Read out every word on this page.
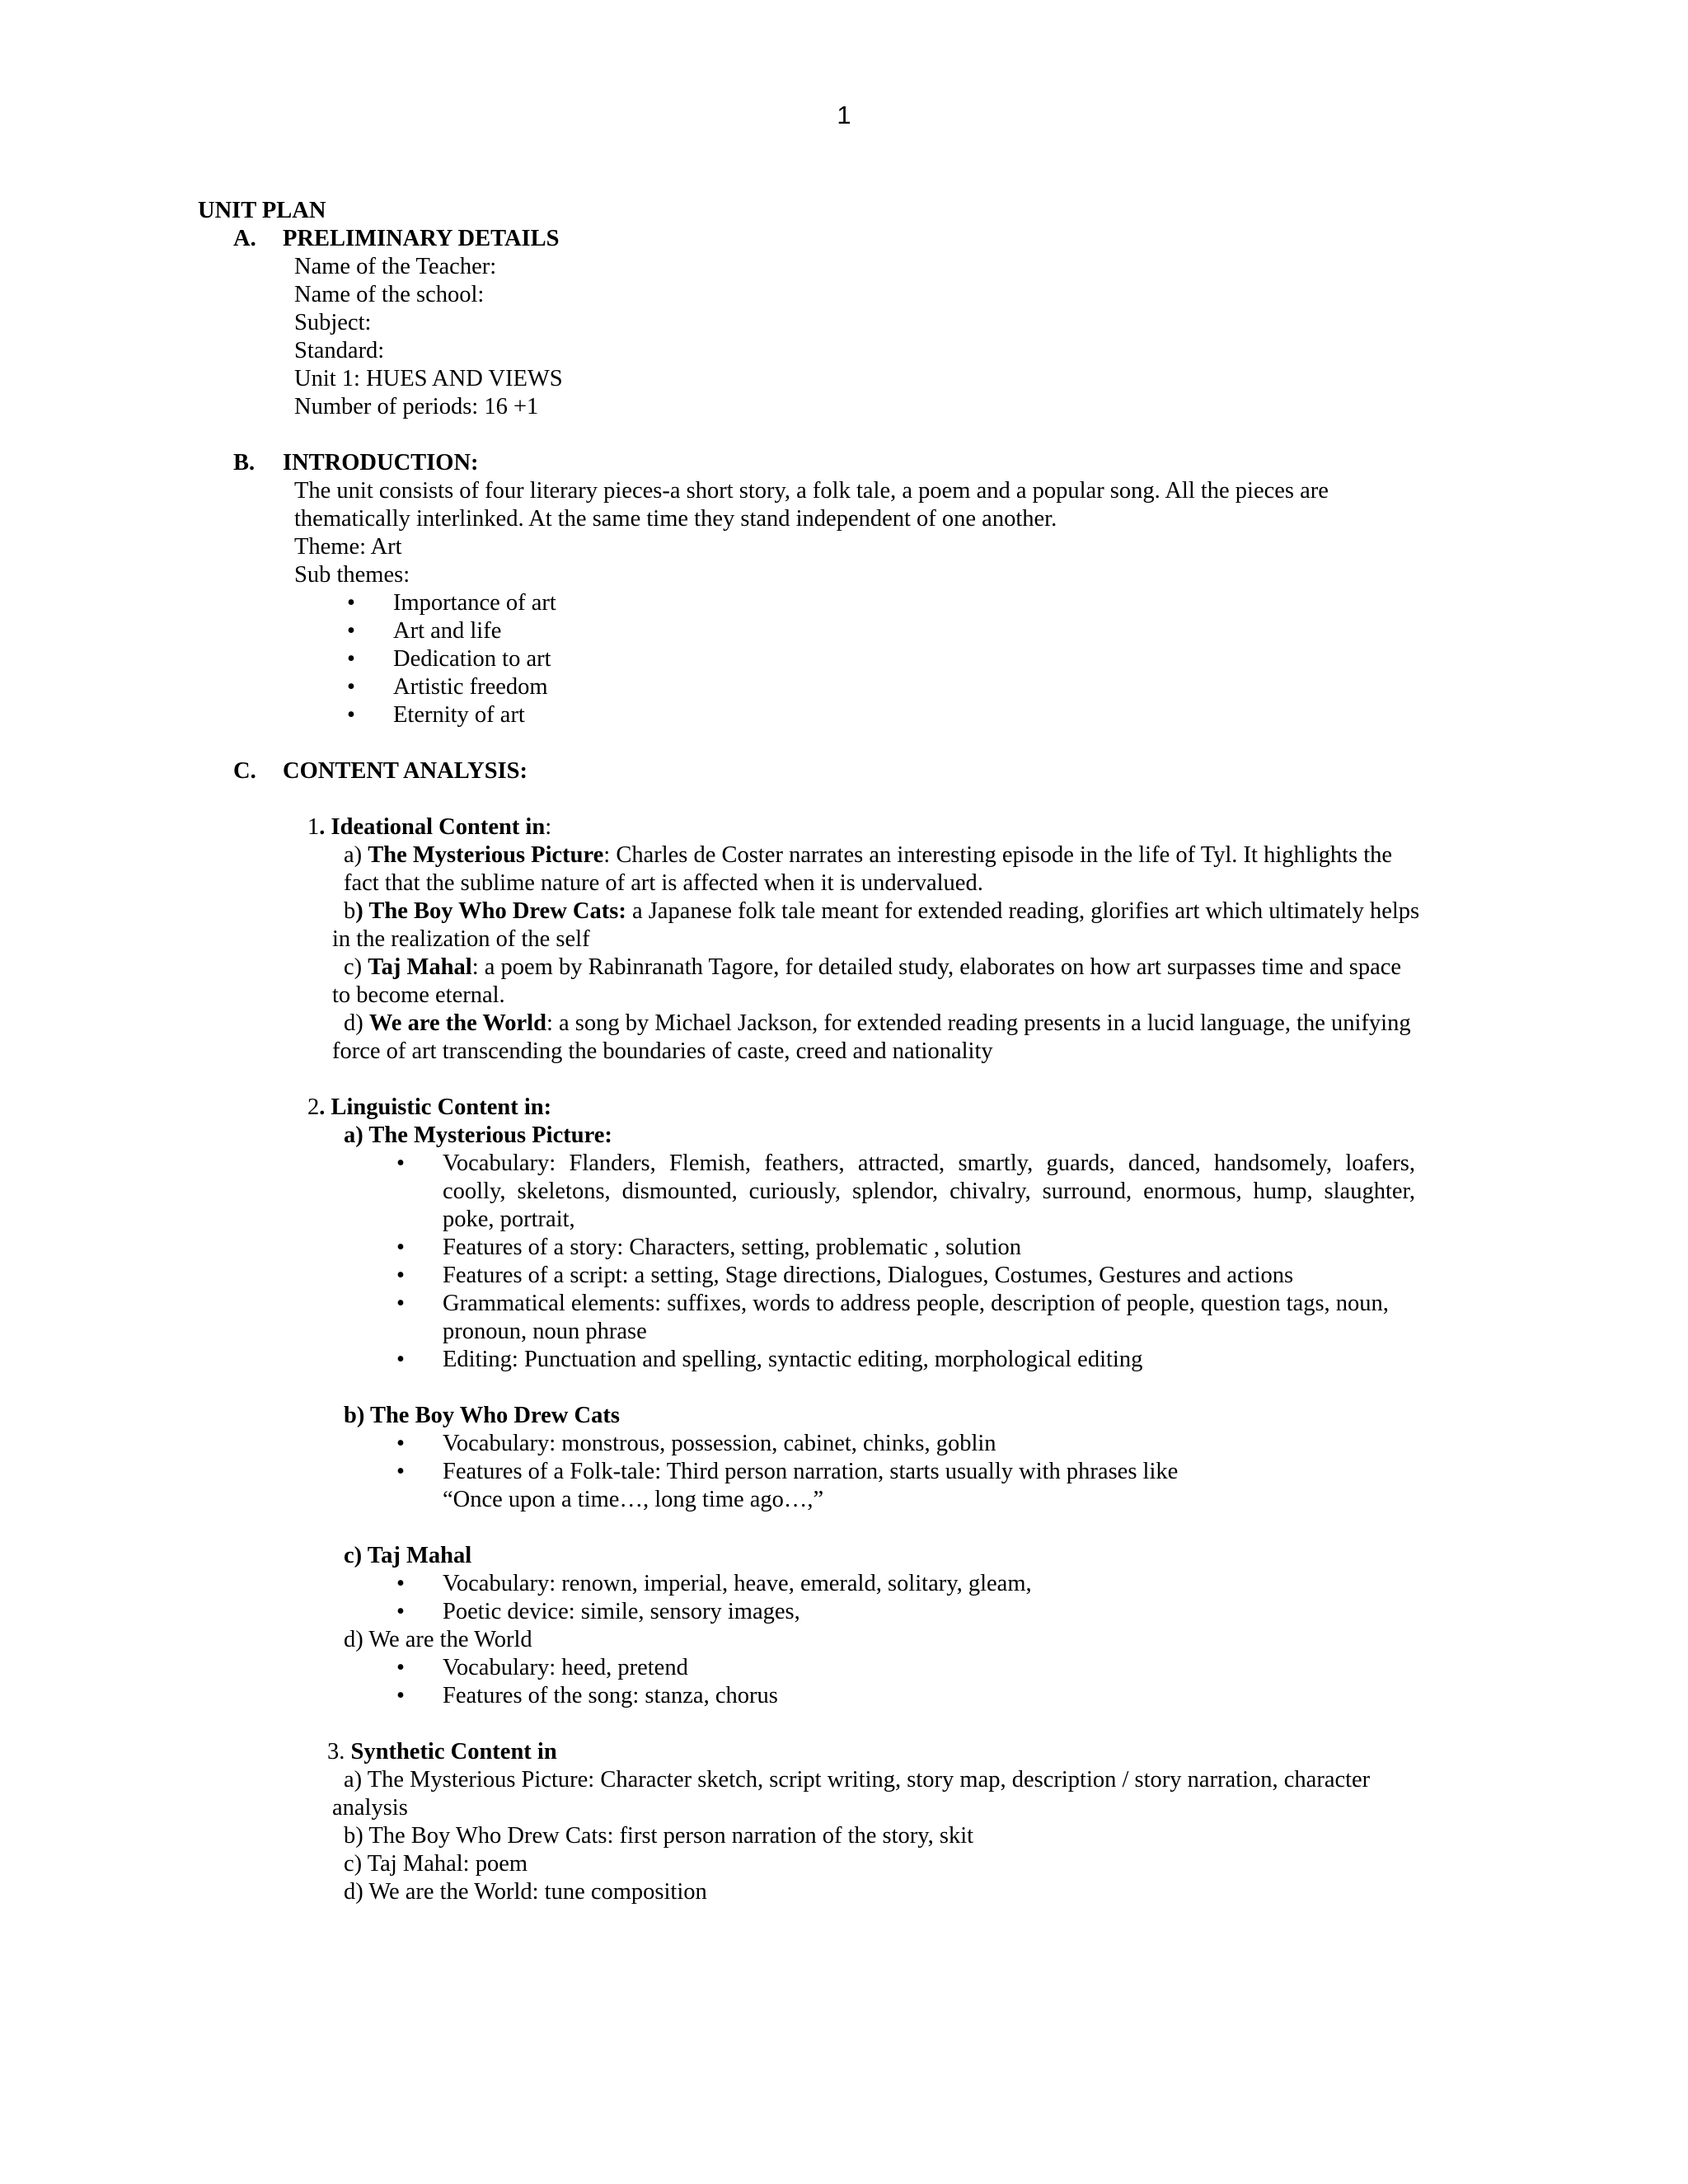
1
UNIT PLAN
A. PRELIMINARY DETAILS
Name of the Teacher:
Name of the school:
Subject:
Standard:
Unit 1: HUES AND VIEWS
Number of periods: 16 +1
B. INTRODUCTION:
The unit consists of four literary pieces-a short story, a folk tale, a poem and a popular song. All the pieces are
thematically interlinked. At the same time they stand independent of one another.
Theme: Art
Sub themes:
• Importance of art
• Art and life
• Dedication to art
• Artistic freedom
• Eternity of art
C. CONTENT ANALYSIS:
1. Ideational Content in:
a) The Mysterious Picture: Charles de Coster narrates an interesting episode in the life of Tyl. It highlights the
fact that the sublime nature of art is affected when it is undervalued.
b) The Boy Who Drew Cats: a Japanese folk tale meant for extended reading, glorifies art which ultimately helps
in the realization of the self
c) Taj Mahal: a poem by Rabinranath Tagore, for detailed study, elaborates on how art surpasses time and space
to become eternal.
d) We are the World: a song by Michael Jackson, for extended reading presents in a lucid language, the unifying
force of art transcending the boundaries of caste, creed and nationality
2. Linguistic Content in:
a) The Mysterious Picture:
• Vocabulary: Flanders, Flemish, feathers, attracted, smartly, guards, danced, handsomely, loafers, coolly, skeletons, dismounted, curiously, splendor, chivalry, surround, enormous, hump, slaughter, poke, portrait,
• Features of a story: Characters, setting, problematic , solution
• Features of a script: a setting, Stage directions, Dialogues, Costumes, Gestures and actions
• Grammatical elements: suffixes, words to address people, description of people, question tags, noun, pronoun, noun phrase
• Editing: Punctuation and spelling, syntactic editing, morphological editing
b) The Boy Who Drew Cats
• Vocabulary: monstrous, possession, cabinet, chinks, goblin
• Features of a Folk-tale: Third person narration, starts usually with phrases like
“Once upon a time…, long time ago…,”
c) Taj Mahal
• Vocabulary: renown, imperial, heave, emerald, solitary, gleam,
• Poetic device: simile, sensory images,
d) We are the World
• Vocabulary: heed, pretend
• Features of the song: stanza, chorus
3. Synthetic Content in
a) The Mysterious Picture: Character sketch, script writing, story map, description / story narration, character
analysis
b) The Boy Who Drew Cats: first person narration of the story, skit
c) Taj Mahal: poem
d) We are the World: tune composition
